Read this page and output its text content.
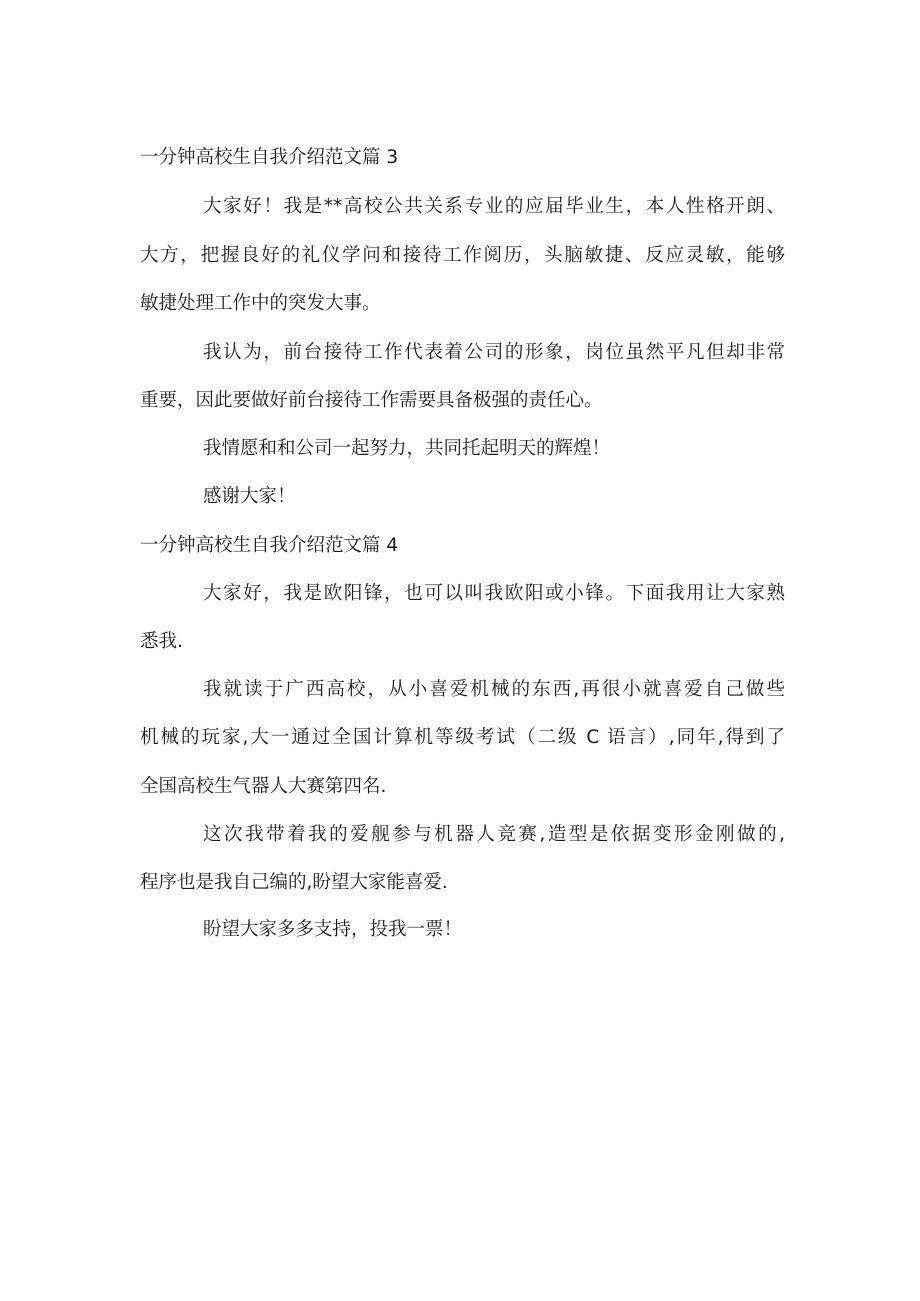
一分钟高校生自我介绍范文篇 3
大家好！我是**高校公共关系专业的应届毕业生，本人性格开朗、
大方，把握良好的礼仪学问和接待工作阅历，头脑敏捷、反应灵敏，能够
敏捷处理工作中的突发大事。
我认为，前台接待工作代表着公司的形象，岗位虽然平凡但却非常
重要，因此要做好前台接待工作需要具备极强的责任心。
我情愿和和公司一起努力，共同托起明天的辉煌！
感谢大家！
一分钟高校生自我介绍范文篇 4
大家好，我是欧阳锋，也可以叫我欧阳或小锋。下面我用让大家熟
悉我.
我就读于广西高校，从小喜爱机械的东西,再很小就喜爱自己做些
机械的玩家,大一通过全国计算机等级考试（二级 C 语言）,同年,得到了
全国高校生气器人大赛第四名.
这次我带着我的爱舰参与机器人竞赛,造型是依据变形金刚做的,
程序也是我自己编的,盼望大家能喜爱.
盼望大家多多支持，投我一票！
